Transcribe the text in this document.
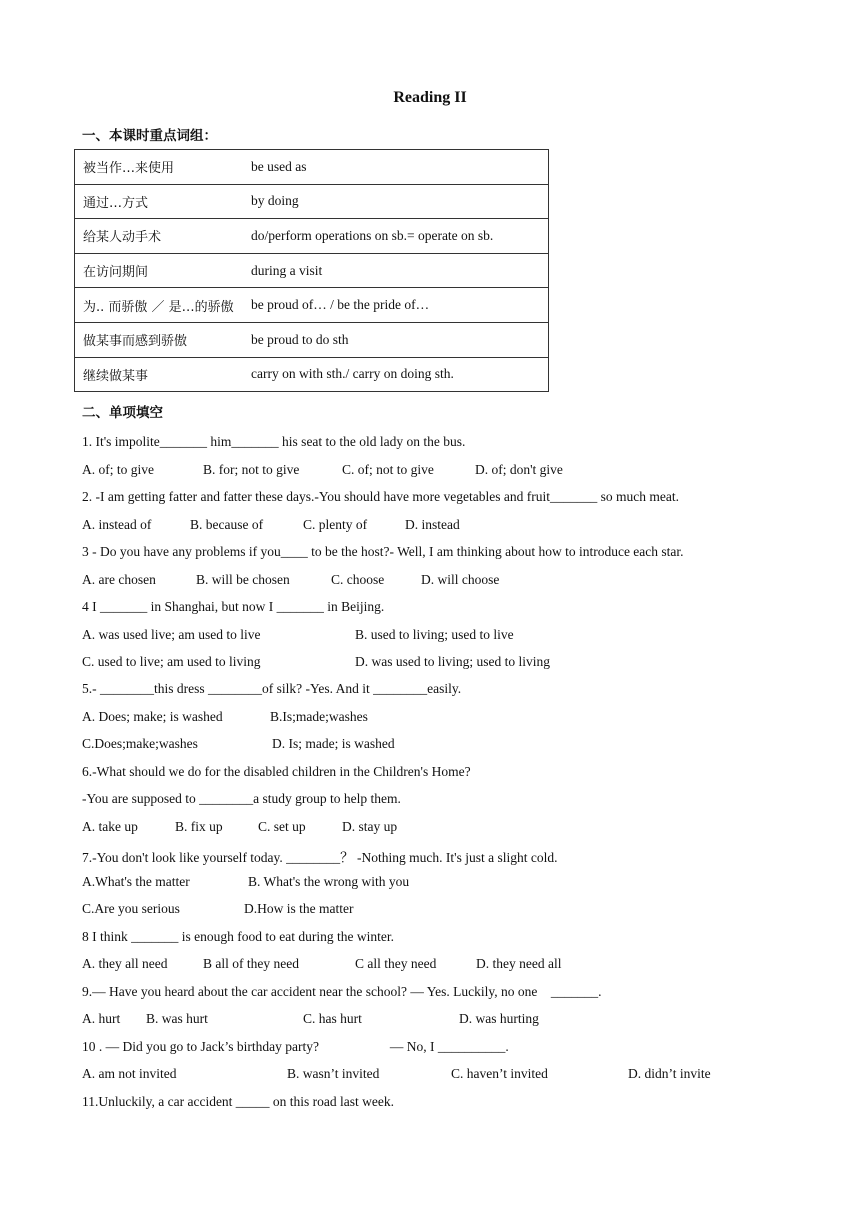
Reading II
一、本课时重点词组：
被当作…来使用	be used as
通过…方式	by doing
给某人动手术	do/perform operations on sb.= operate on sb.
在访问期间	during a visit
为.. 而骄傲 ／ 是…的骄傲	be proud of… / be the pride of…
做某事而感到骄傲	be proud to do sth
继续做某事	carry on with sth./ carry on doing sth.
二、单项填空
1. It's impolite_______ him_______ his seat to the old lady on the bus.
A. of; to give	B. for; not to give	C. of; not to give	D. of; don't give
2. -I am getting fatter and fatter these days.-You should have more vegetables and fruit_______ so much meat.
A. instead of	B. because of	C. plenty of	D. instead
3 - Do you have any problems if you____ to be the host?- Well, I am thinking about how to introduce each star.
A. are chosen	B. will be chosen	C. choose	D. will choose
4 I _______ in Shanghai, but now I _______ in Beijing.
A. was used live; am used to live	B. used to living; used to live
C. used to live; am used to living	D. was used to living; used to living
5.- ________this dress ________of silk? -Yes. And it ________easily.
A. Does; make; is washed	B.Is;made;washes
C.Does;make;washes	D. Is; made; is washed
6.-What should we do for the disabled children in the Children's Home?
-You are supposed to ________a study group to help them.
A. take up	B. fix up	C. set up	D. stay up
7.-You don't look like yourself today. ________？ -Nothing much. It's just a slight cold.
A.What's the matter	B. What's the wrong with you
C.Are you serious	D.How is the matter
8 I think _______ is enough food to eat during the winter.
A. they all need	B all of they need	C all they need	D. they need all
9.— Have you heard about the car accident near the school? — Yes. Luckily, no one    _______.
A. hurt B. was hurt	C. has hurt	D. was hurting
10 . — Did you go to Jack’s birthday party?                     — No, I __________.
A. am not invited	B. wasn’t invited	C. haven’t invited	D. didn’t invite
11.Unluckily, a car accident _____ on this road last week.
